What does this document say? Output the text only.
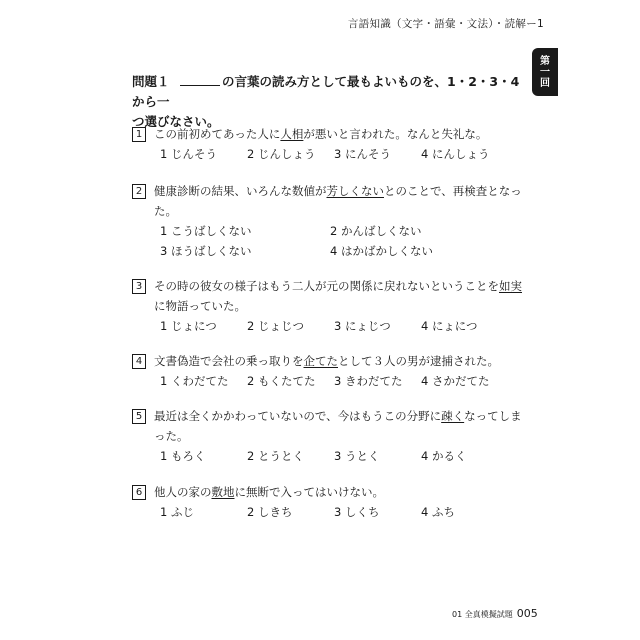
言語知識（文字・語彙・文法）・読解ー1
第
一
回
問題１	の言葉の読み方として最もよいものを、1・2・3・4から一
つ選びなさい。
1 この前初めてあった人に人相が悪いと言われた。なんと失礼な。
1 じんそう	2 じんしょう	3 にんそう	4 にんしょう
2 健康診断の結果、いろんな数値が芳しくないとのことで、再検査となっ
た。
1 こうばしくない	2 かんばしくない
3 ほうばしくない	4 はかばかしくない
3 その時の彼女の様子はもう二人が元の関係に戻れないということを如実
に物語っていた。
1 じょにつ	2 じょじつ	3 にょじつ	4 にょにつ
4 文書偽造で会社の乗っ取りを企てたとして３人の男が逮捕された。
1 くわだてた	2 もくたてた	3 きわだてた	4 さかだてた
5 最近は全くかかわっていないので、今はもうこの分野に疎くなってしま
った。
1 もろく	2 とうとく	3 うとく	4 かるく
6 他人の家の敷地に無断で入ってはいけない。
1 ふじ	2 しきち	3 しくち	4 ふち
01 全真模擬試題 005
